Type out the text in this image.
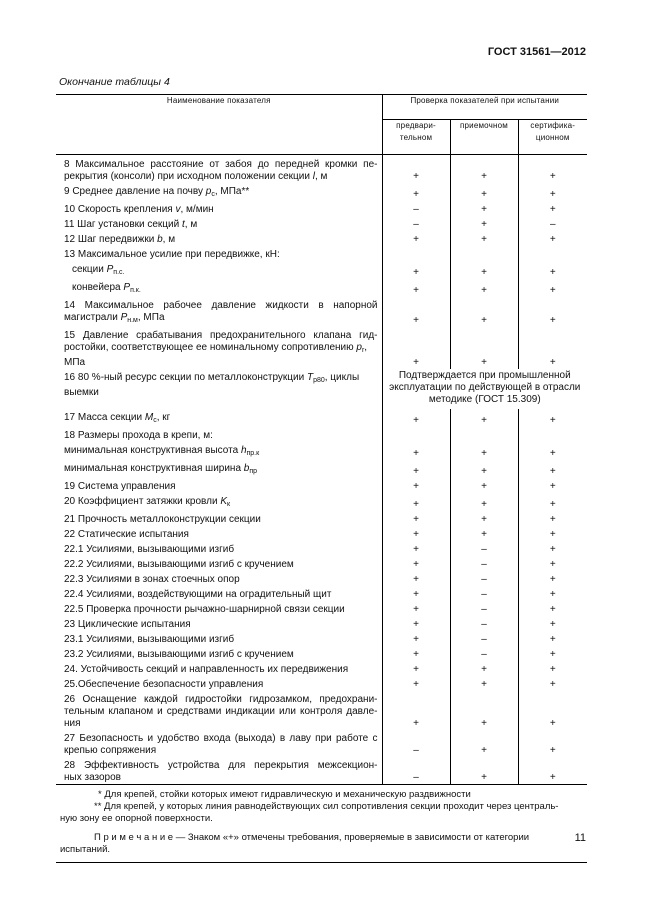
ГОСТ 31561—2012
Окончание таблицы 4
Наименование показателя	Проверка показателей при испытании		
	предвари-
тельном	приемочном	сертифика-
ционном

8 Максимальное расстояние от забоя до передней кромки пе-
рекрытия (консоли) при исходном положении секции l, м	+	+	+

9 Среднее давление на почву $p_c$, МПа**	+	+	+

10 Скорость крепления v, м/мин	–	+	+

11 Шаг установки секций t, м	–	+	–

12 Шаг передвижки b, м	+	+	+

13 Максимальное усилие при передвижке, кН:			

секции $P_{п.с.}$	+	+	+

конвейера $P_{п.к.}$	+	+	+

14 Максимальное рабочее давление жидкости в напорной
магистрали $P_{н.м}$, МПа	+	+	+

15 Давление срабатывания предохранительного клапана гид-
ростойки, соответствующее ее номинальному сопротивлению $p_r$,
МПа	+	+	+

16 80 %-ный ресурс секции по металлоконструкции $T_{р80}$, циклы
выемки	Подтверждается при промышленной эксплуатации по действующей в отрасли методике (ГОСТ 15.309)		

17 Масса секции $M_c$, кг	+	+	+

18 Размеры прохода в крепи, м:			

минимальная конструктивная высота $h_{пр.к}$	+	+	+

минимальная конструктивная ширина $b_{пр}$	+	+	+

19 Система управления	+	+	+

20 Коэффициент затяжки кровли $K_к$	+	+	+

21 Прочность металлоконструкции секции	+	+	+

22 Статические испытания	+	+	+

22.1 Усилиями, вызывающими изгиб	+	–	+

22.2 Усилиями, вызывающими изгиб с кручением	+	–	+

22.3 Усилиями в зонах стоечных опор	+	–	+

22.4 Усилиями, воздействующими на оградительный щит	+	–	+

22.5 Проверка прочности рычажно-шарнирной связи секции	+	–	+

23 Циклические испытания	+	–	+

23.1 Усилиями, вызывающими изгиб	+	–	+

23.2 Усилиями, вызывающими изгиб с кручением	+	–	+

24. Устойчивость секций и направленность их передвижения	+	+	+

25.Обеспечение безопасности управления	+	+	+

26 Оснащение каждой гидростойки гидрозамком, предохрани-
тельным клапаном и средствами индикации или контроля давле-
ния	+	+	+

27 Безопасность и удобство входа (выхода) в лаву при работе с
крепью сопряжения	–	+	+

28 Эффективность устройства для перекрытия межсекцион-
ных зазоров	–	+	+

* Для крепей, стойки которых имеют гидравлическую и механическую раздвижности
** Для крепей, у которых линия равнодействующих сил сопротивления секции проходит через централь-
ную зону ее опорной поверхности.
П р и м е ч а н и е — Знаком «+» отмечены требования, проверяемые в зависимости от категории
испытаний.			
11
